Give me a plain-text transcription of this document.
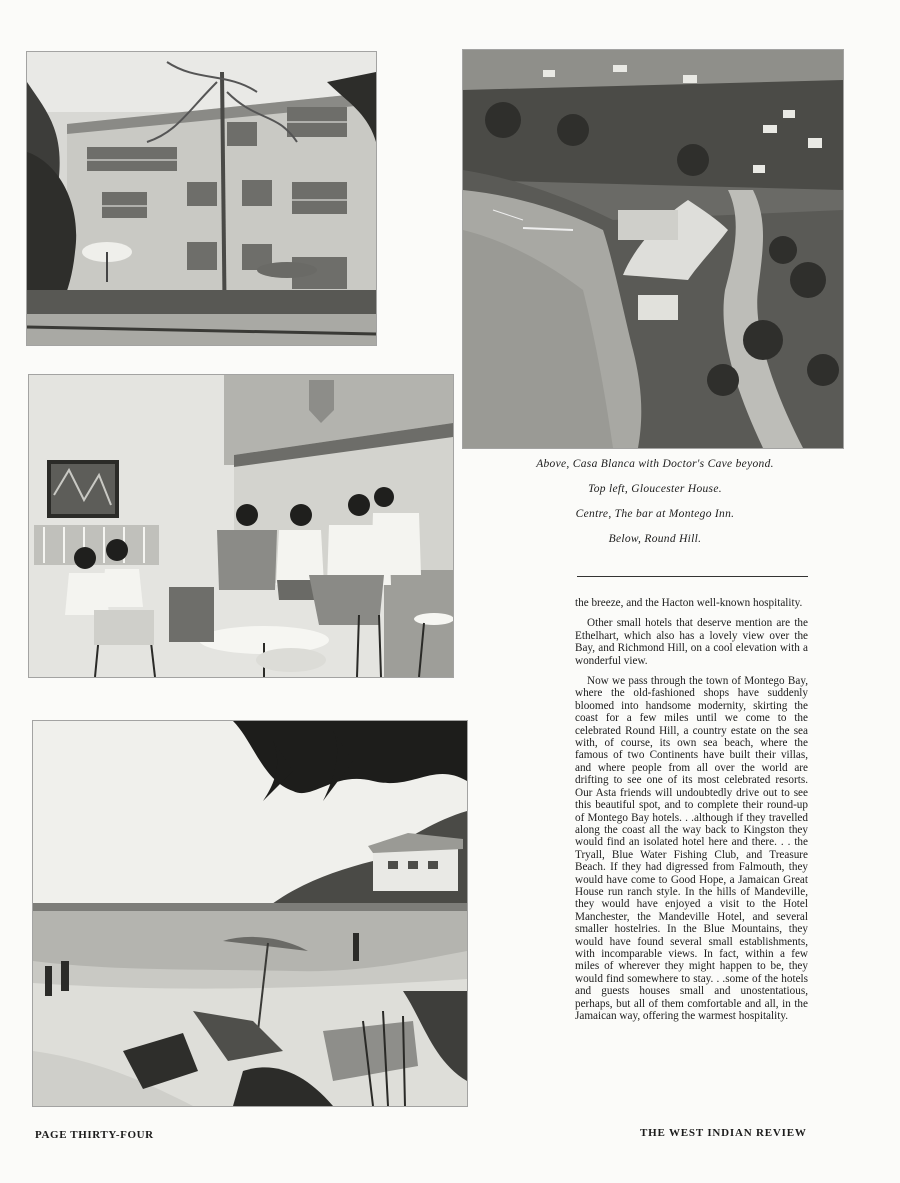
Above, Casa Blanca with Doctor's Cave beyond.

Top left, Gloucester House.

Centre, The bar at Montego Inn.

Below, Round Hill.

the breeze, and the Hacton well-known hospitality.

Other small hotels that deserve mention are the Ethelhart, which also has a lovely view over the Bay, and Richmond Hill, on a cool elevation with a wonderful view.

Now we pass through the town of Montego Bay, where the old-fashioned shops have suddenly bloomed into handsome modernity, skirting the coast for a few miles until we come to the celebrated Round Hill, a country estate on the sea with, of course, its own sea beach, where the famous of two Continents have built their villas, and where people from all over the world are drifting to see one of its most celebrated resorts. Our Asta friends will undoubtedly drive out to see this beautiful spot, and to complete their round-up of Montego Bay hotels. . .although if they travelled along the coast all the way back to Kingston they would find an isolated hotel here and there. . . the Tryall, Blue Water Fishing Club, and Treasure Beach. If they had digressed from Falmouth, they would have come to Good Hope, a Jamaican Great House run ranch style. In the hills of Mandeville, they would have enjoyed a visit to the Hotel Manchester, the Mandeville Hotel, and several smaller hostelries. In the Blue Mountains, they would have found several small establishments, with incomparable views. In fact, within a few miles of wherever they might happen to be, they would find somewhere to stay. . .some of the hotels and guests houses small and unostentatious, perhaps, but all of them comfortable and all, in the Jamaican way, offering the warmest hospitality.

PAGE THIRTY-FOUR	THE WEST INDIAN REVIEW
